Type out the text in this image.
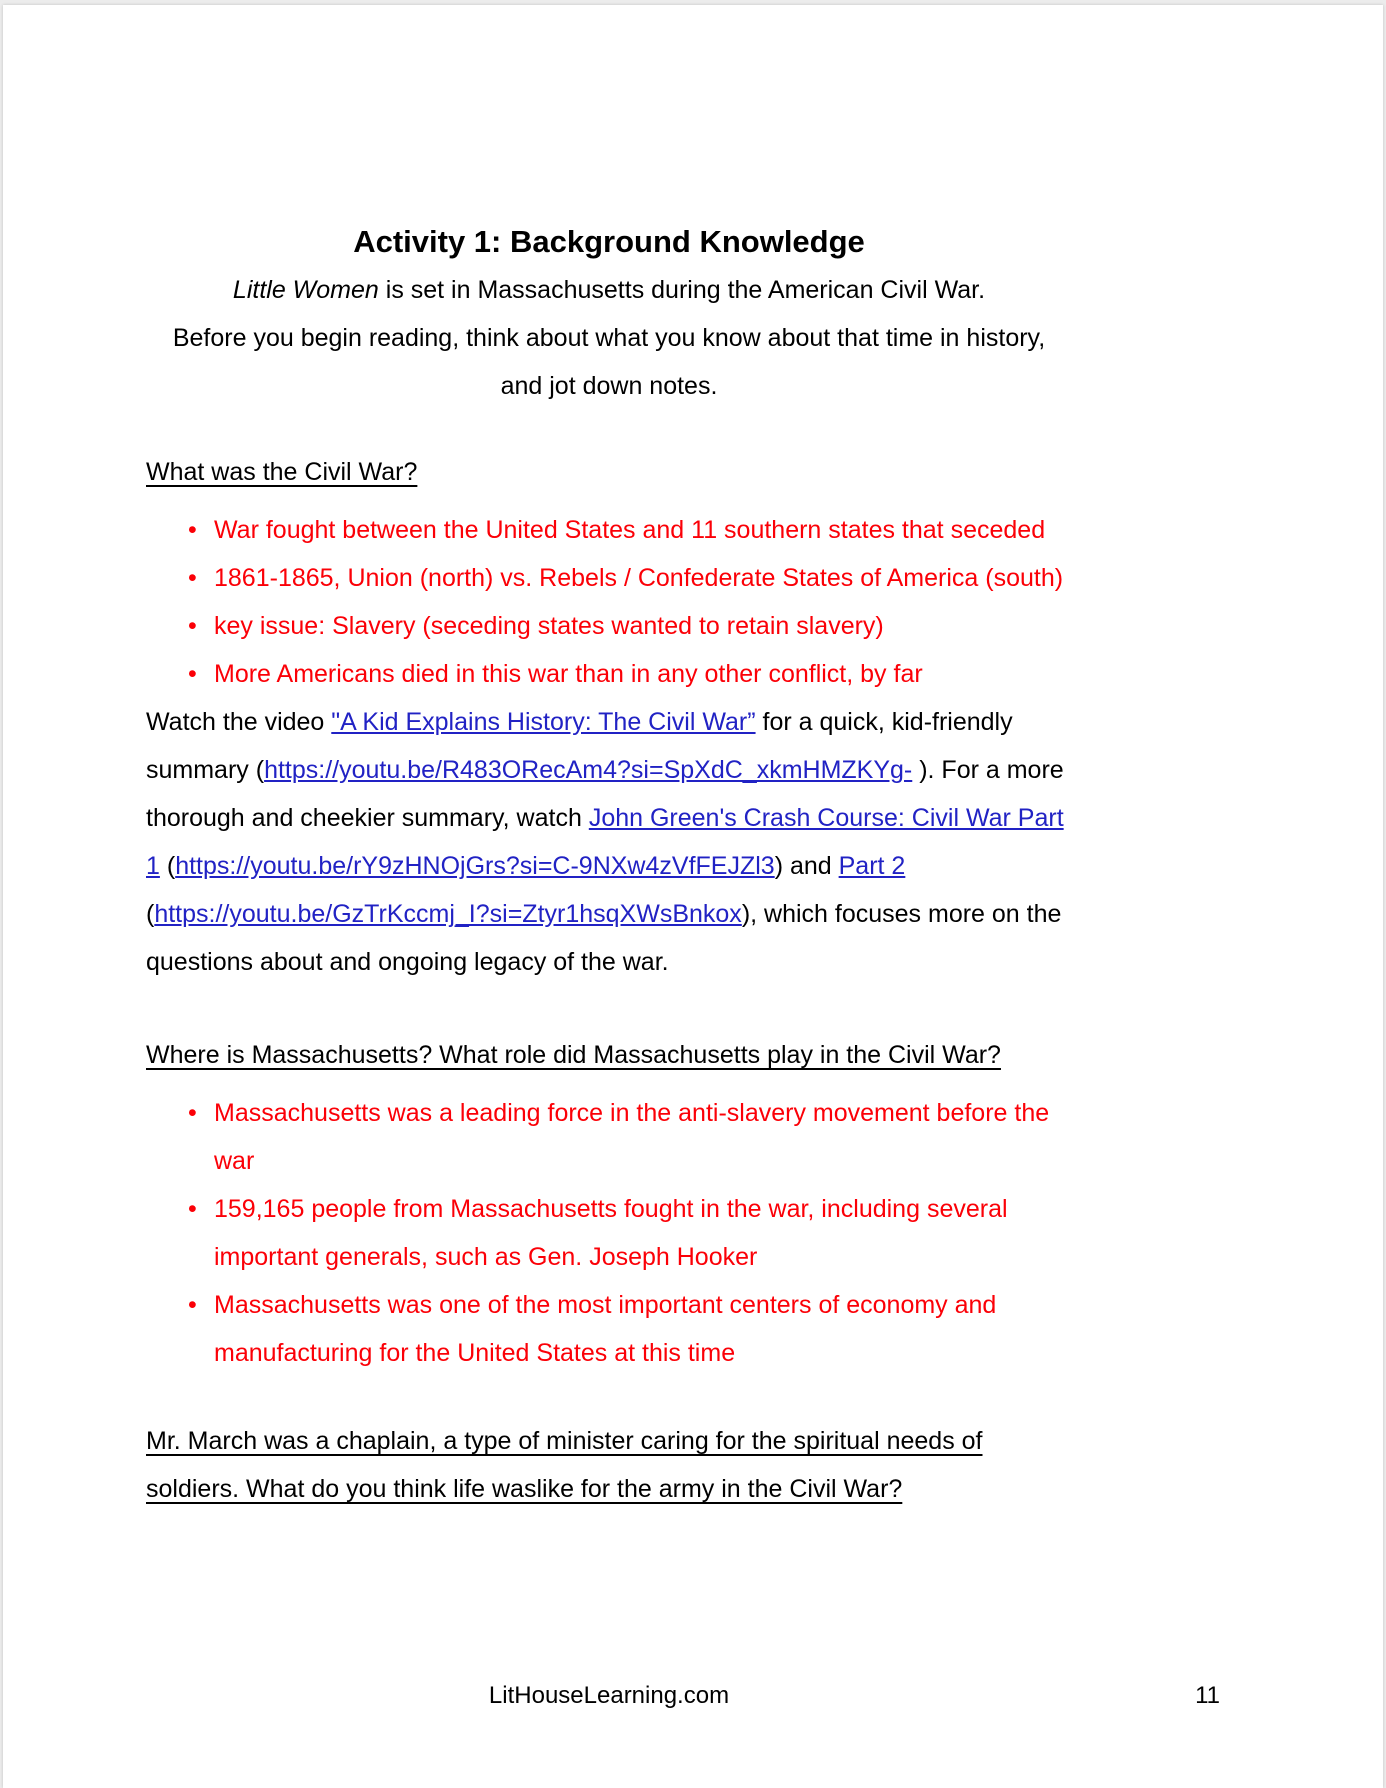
Activity 1: Background Knowledge

Little Women is set in Massachusetts during the American Civil War.

Before you begin reading, think about what you know about that time in history,

and jot down notes.

What was the Civil War?
• War fought between the United States and 11 southern states that seceded
• 1861-1865, Union (north) vs. Rebels / Confederate States of America (south)
• key issue: Slavery (seceding states wanted to retain slavery)
• More Americans died in this war than in any other conflict, by far

Watch the video "A Kid Explains History: The Civil War” for a quick, kid-friendly summary (https://youtu.be/R483ORecAm4?si=SpXdC_xkmHMZKYg- ). For a more thorough and cheekier summary, watch John Green's Crash Course: Civil War Part 1 (https://youtu.be/rY9zHNOjGrs?si=C-9NXw4zVfFEJZl3) and Part 2 (https://youtu.be/GzTrKccmj_I?si=Ztyr1hsqXWsBnkox), which focuses more on the questions about and ongoing legacy of the war.

Where is Massachusetts? What role did Massachusetts play in the Civil War?
• Massachusetts was a leading force in the anti-slavery movement before the war
• 159,165 people from Massachusetts fought in the war, including several important generals, such as Gen. Joseph Hooker
• Massachusetts was one of the most important centers of economy and manufacturing for the United States at this time

Mr. March was a chaplain, a type of minister caring for the spiritual needs of soldiers. What do you think life waslike for the army in the Civil War?

LitHouseLearning.com	11
